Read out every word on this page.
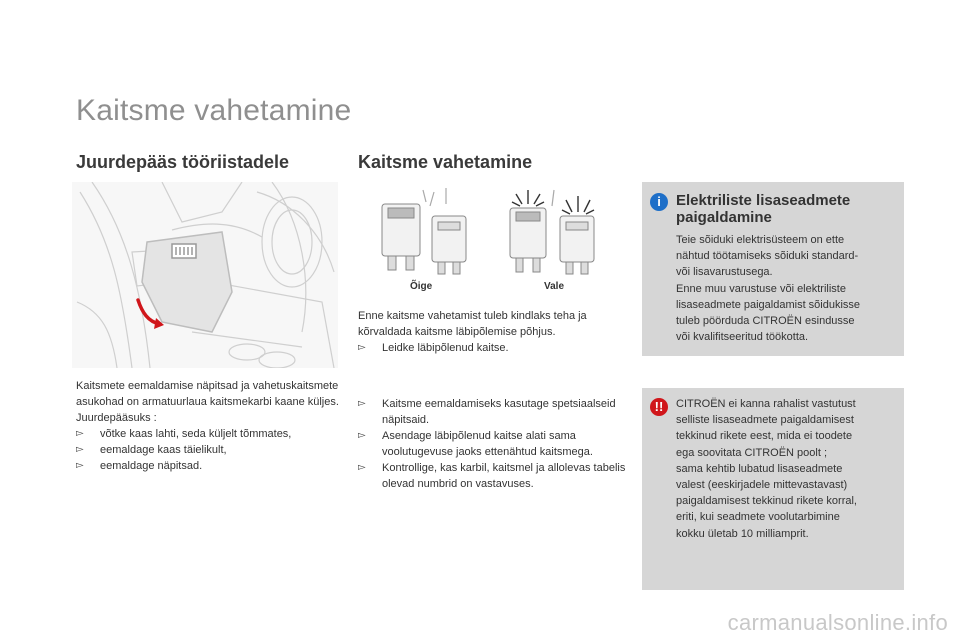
Kaitsme vahetamine
Juurdepääs tööriistadele

Kaitsmete eemaldamise näpitsad ja vahetuskaitsmete asukohad on armatuurlaua kaitsmekarbi kaane küljes.

Juurdepääsuks :

▻ võtke kaas lahti, seda küljelt tõmmates,
▻ eemaldage kaas täielikult,
▻ eemaldage näpitsad.
Kaitsme vahetamine
Õige	Vale

Enne kaitsme vahetamist tuleb kindlaks teha ja kõrvaldada kaitsme läbipõlemise põhjus.

▻ Leidke läbipõlenud kaitse.
▻ Kaitsme eemaldamiseks kasutage spetsiaalseid näpitsaid.
▻ Asendage läbipõlenud kaitse alati sama voolutugevuse jaoks ettenähtud kaitsmega.
▻ Kontrollige, kas karbil, kaitsmel ja allolevas tabelis olevad numbrid on vastavuses.
i	Elektriliste lisaseadmete paigaldamine

Teie sõiduki elektrisüsteem on ette

nähtud töötamiseks sõiduki standard-

või lisavarustusega.

Enne muu varustuse või elektriliste

lisaseadmete paigaldamist sõidukisse

tuleb pöörduda CITROËN esindusse

või kvalifitseeritud töökotta.

!!	CITROËN ei kanna rahalist vastutust

selliste lisaseadmete paigaldamisest

tekkinud rikete eest, mida ei toodete

ega soovitata CITROËN poolt ;

sama kehtib lubatud lisaseadmete

valest (eeskirjadele mittevastavast)

paigaldamisest tekkinud rikete korral,

eriti, kui seadmete voolutarbimine

kokku ületab 10 milliamprit.

carmanualsonline.info
